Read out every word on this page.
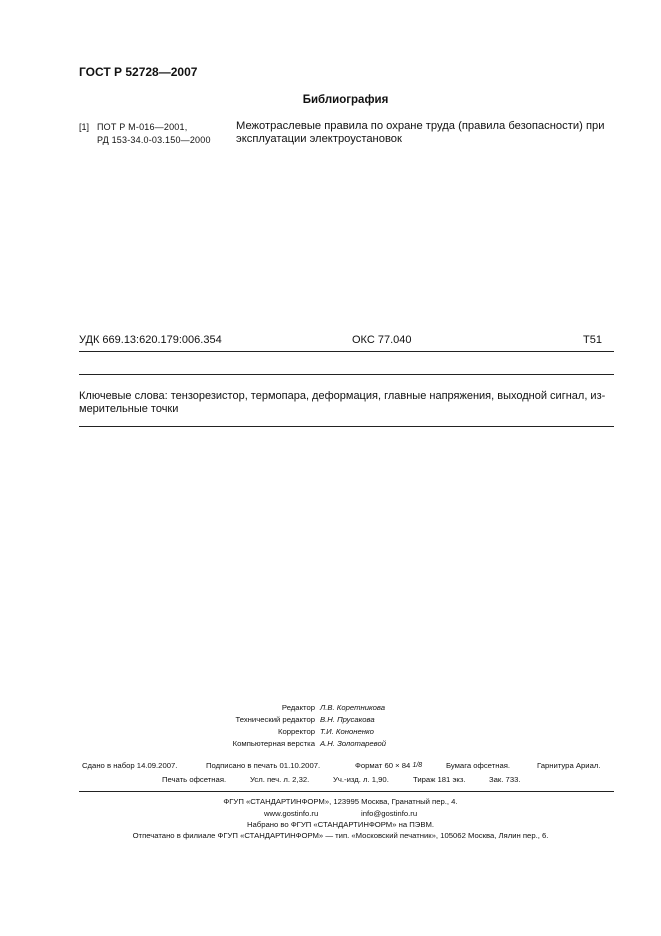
ГОСТ Р 52728—2007
Библиография
[1] ПОТ Р М-016—2001,
РД 153-34.0-03.150—2000
Межотраслевые правила по охране труда (правила безопасности) при
эксплуатации электроустановок
УДК 669.13:620.179:006.354	ОКС 77.040	Т51
Ключевые слова: тензорезистор, термопара, деформация, главные напряжения, выходной сигнал, из-
мерительные точки
Редактор Л.В. Коретникова
Технический редактор В.Н. Прусакова
Корректор Т.И. Кононенко
Компьютерная верстка А.Н. Золотаревой
Сдано в набор 14.09.2007.	Подписано в печать 01.10.2007.	Формат 60 × 84 1/8	Бумага офсетная.	Гарнитура Ариал.
Печать офсетная.	Усл. печ. л. 2,32.	Уч.-изд. л. 1,90.	Тираж 181 экз.	Зак. 733.
ФГУП «СТАНДАРТИНФОРМ», 123995 Москва, Гранатный пер., 4.
www.gostinfo.ru	info@gostinfo.ru
Набрано во ФГУП «СТАНДАРТИНФОРМ» на ПЭВМ.
Отпечатано в филиале ФГУП «СТАНДАРТИНФОРМ» — тип. «Московский печатник», 105062 Москва, Лялин пер., 6.
